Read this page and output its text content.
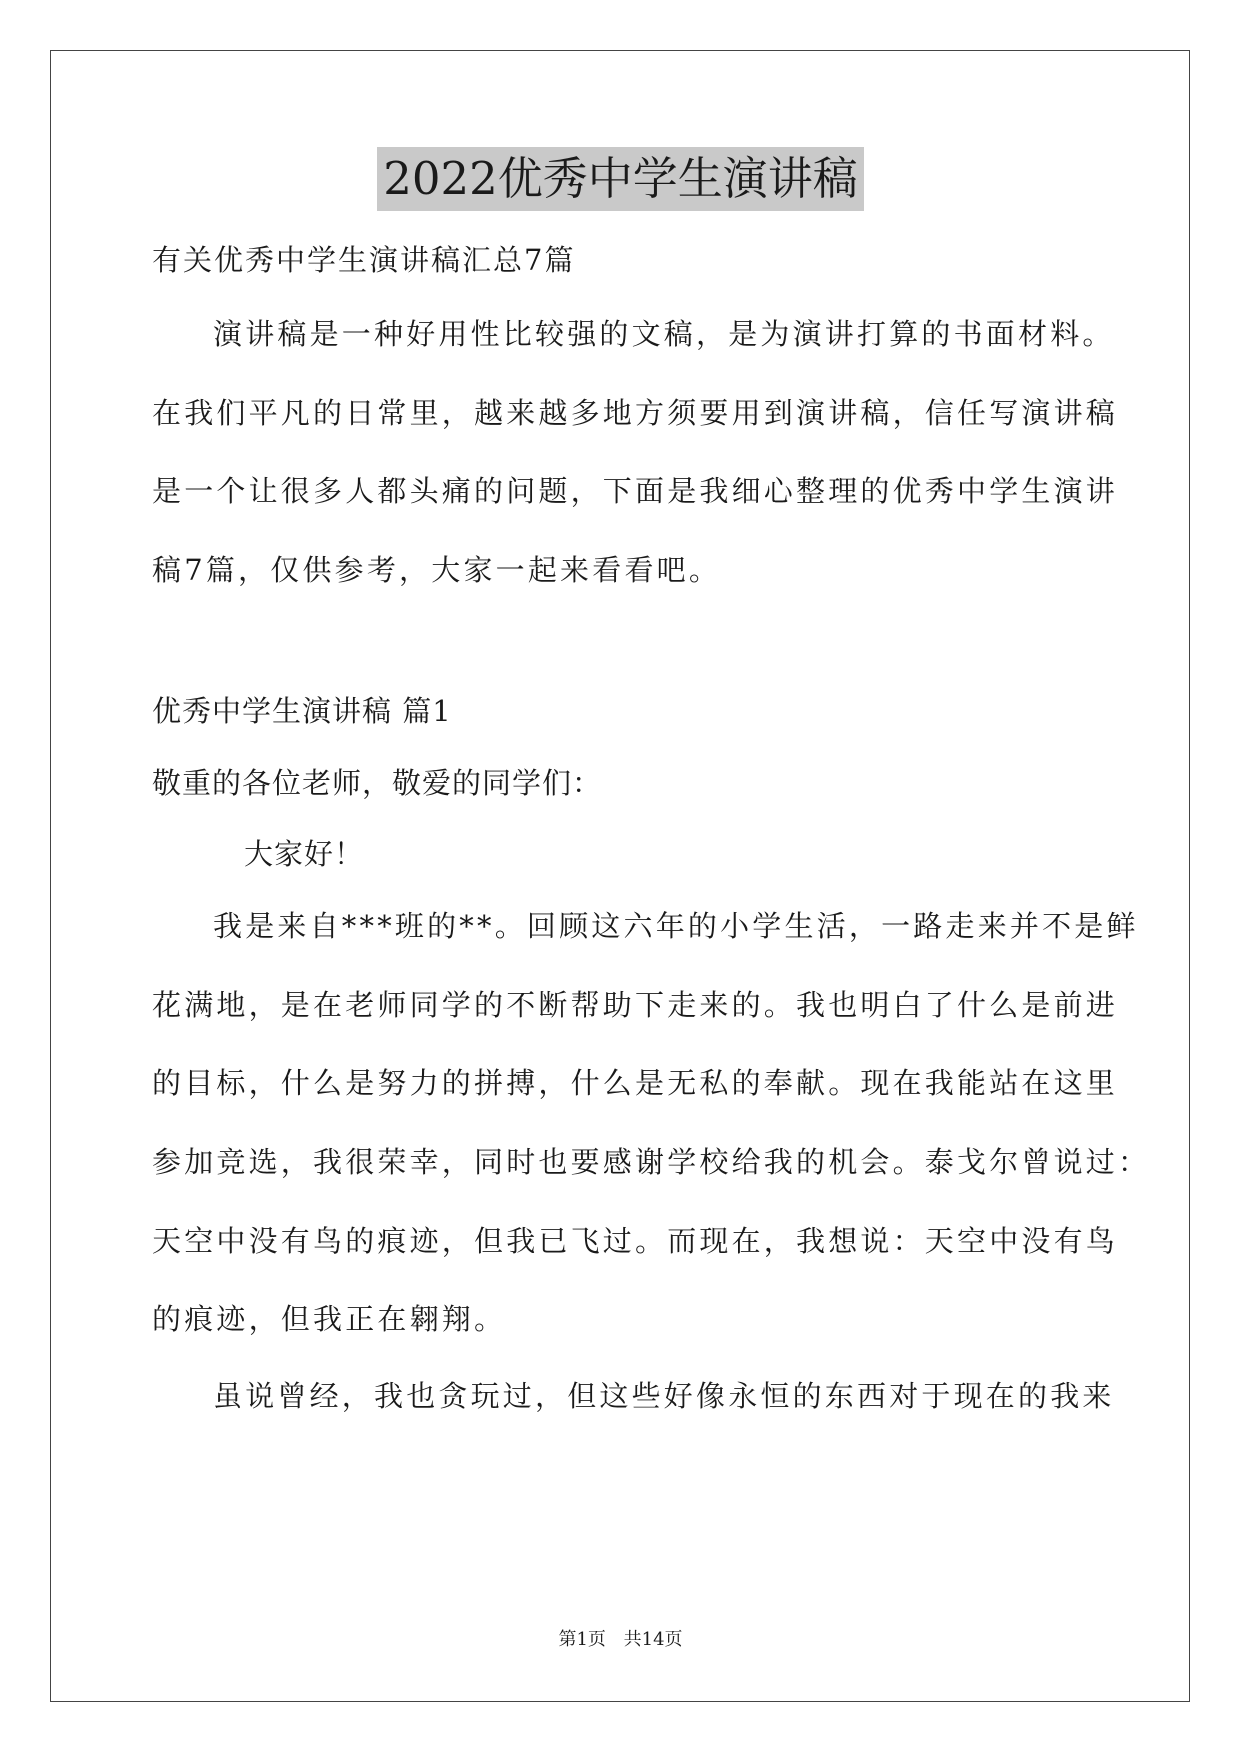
2022优秀中学生演讲稿
有关优秀中学生演讲稿汇总7篇
演讲稿是一种好用性比较强的文稿，是为演讲打算的书面材料。
在我们平凡的日常里，越来越多地方须要用到演讲稿，信任写演讲稿
是一个让很多人都头痛的问题，下面是我细心整理的优秀中学生演讲
稿7篇，仅供参考，大家一起来看看吧。
优秀中学生演讲稿 篇1
敬重的各位老师，敬爱的同学们：
大家好！
我是来自***班的**。回顾这六年的小学生活，一路走来并不是鲜
花满地，是在老师同学的不断帮助下走来的。我也明白了什么是前进
的目标，什么是努力的拼搏，什么是无私的奉献。现在我能站在这里
参加竞选，我很荣幸，同时也要感谢学校给我的机会。泰戈尔曾说过：
天空中没有鸟的痕迹，但我已飞过。而现在，我想说：天空中没有鸟
的痕迹，但我正在翱翔。
虽说曾经，我也贪玩过，但这些好像永恒的东西对于现在的我来
第1页 共14页
